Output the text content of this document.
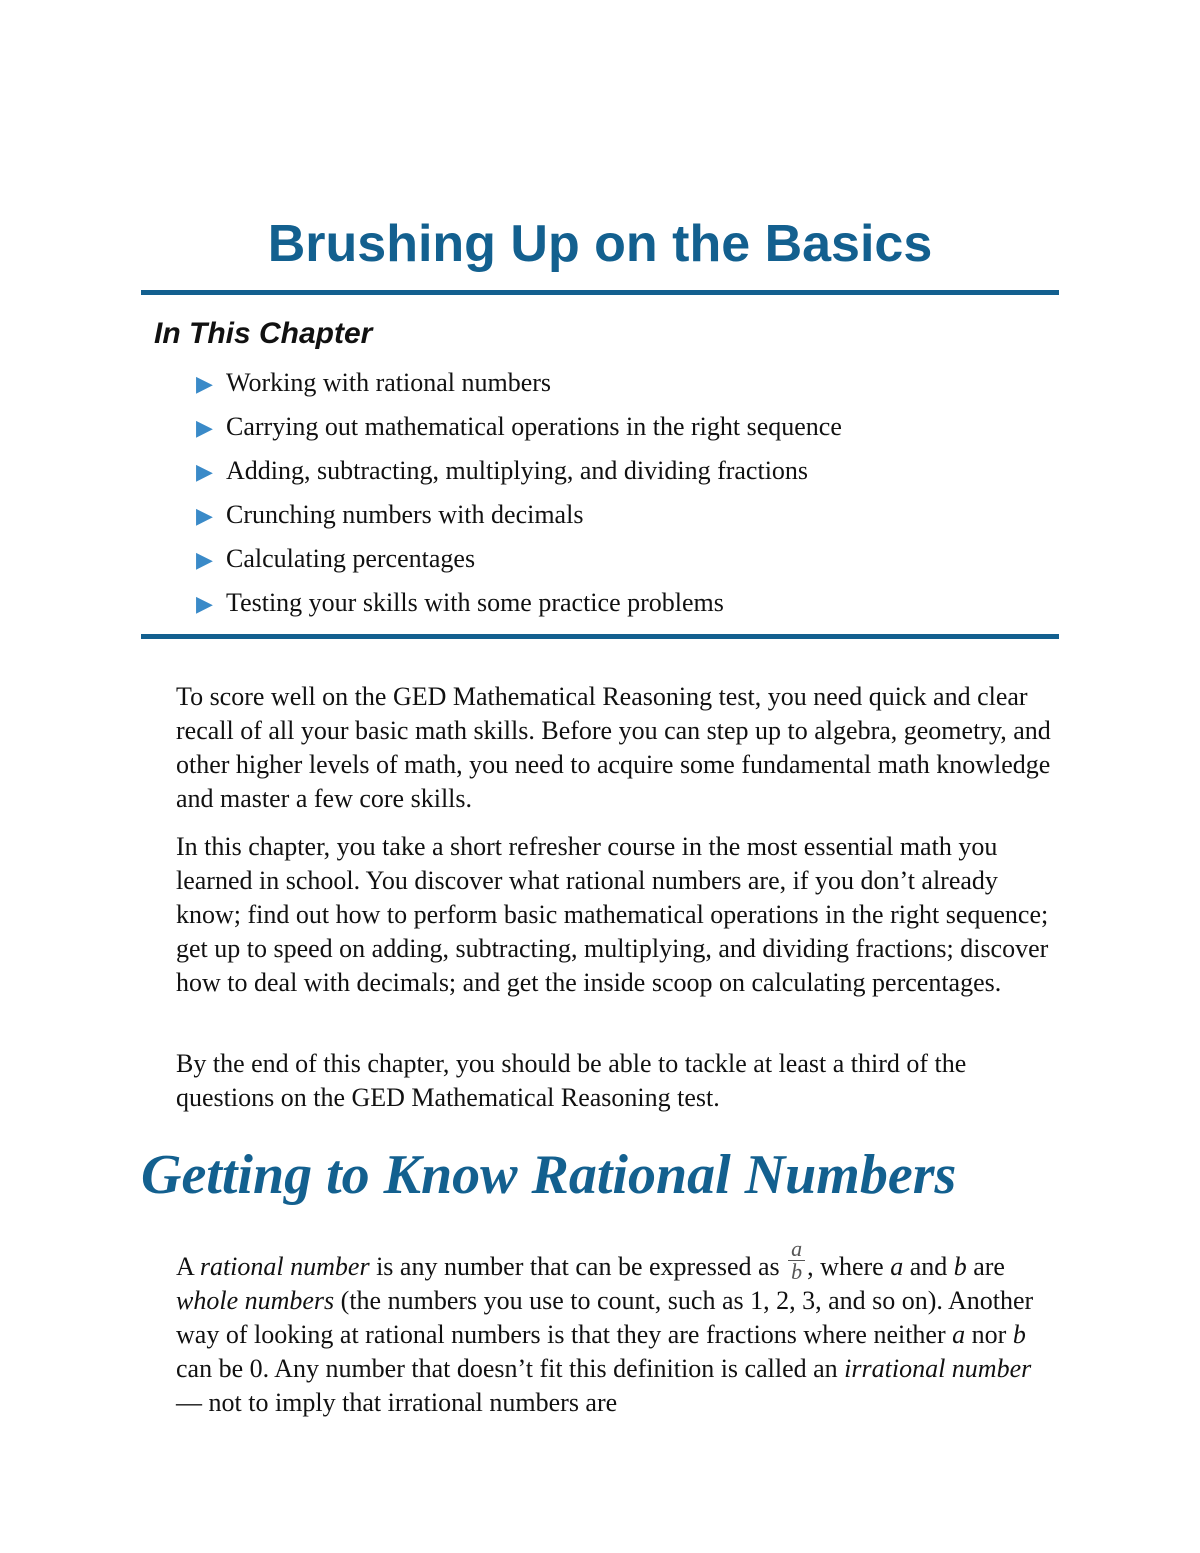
Brushing Up on the Basics
In This Chapter
▶ Working with rational numbers
▶ Carrying out mathematical operations in the right sequence
▶ Adding, subtracting, multiplying, and dividing fractions
▶ Crunching numbers with decimals
▶ Calculating percentages
▶ Testing your skills with some practice problems

To score well on the GED Mathematical Reasoning test, you need quick and clear recall of all your basic math skills. Before you can step up to algebra, geometry, and other higher levels of math, you need to acquire some fundamental math knowledge and master a few core skills.

In this chapter, you take a short refresher course in the most essential math you learned in school. You discover what rational numbers are, if you don’t already know; find out how to perform basic mathematical operations in the right sequence; get up to speed on adding, subtracting, multiplying, and dividing fractions; discover how to deal with decimals; and get the inside scoop on calculating percentages.

By the end of this chapter, you should be able to tackle at least a third of the questions on the GED Mathematical Reasoning test.

Getting to Know Rational Numbers

A rational number is any number that can be expressed as $\frac{a}{b}$ , where a and b are whole numbers (the numbers you use to count, such as 1, 2, 3, and so on). Another way of looking at rational numbers is that they are fractions where neither a nor b can be 0. Any number that doesn’t fit this definition is called an irrational number — not to imply that irrational numbers are
